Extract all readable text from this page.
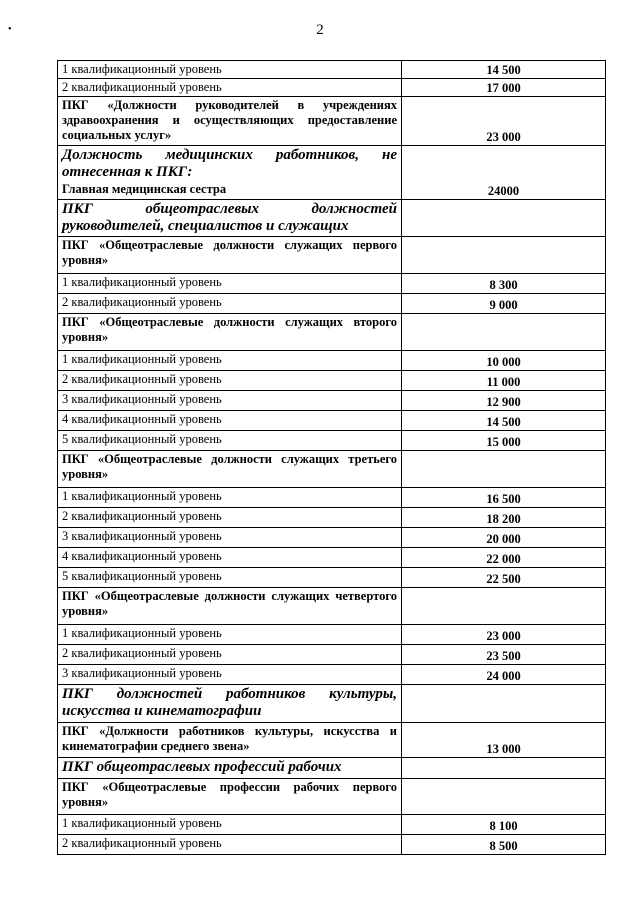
•	2
1 квалификационный уровень	14 500
2 квалификационный уровень	17 000
ПКГ «Должности руководителей в учреждениях здравоохранения и осуществляющих предоставление социальных услуг»	23 000
Должность медицинских работников, не отнесенная к ПКГ:
Главная медицинская сестра	24000
ПКГ общеотраслевых должностей руководителей, специалистов и служащих	
ПКГ «Общеотраслевые должности служащих первого уровня»	
1 квалификационный уровень	8 300
2 квалификационный уровень	9 000
ПКГ «Общеотраслевые должности служащих второго уровня»	
1 квалификационный уровень	10 000
2 квалификационный уровень	11 000
3 квалификационный уровень	12 900
4 квалификационный уровень	14 500
5 квалификационный уровень	15 000
ПКГ «Общеотраслевые должности служащих третьего уровня»	
1 квалификационный уровень	16 500
2 квалификационный уровень	18 200
3 квалификационный уровень	20 000
4 квалификационный уровень	22 000
5 квалификационный уровень	22 500
ПКГ «Общеотраслевые должности служащих четвертого уровня»	
1 квалификационный уровень	23 000
2 квалификационный уровень	23 500
3 квалификационный уровень	24 000
ПКГ должностей работников культуры, искусства и кинематографии	
ПКГ «Должности работников культуры, искусства и кинематографии среднего звена»	13 000
ПКГ общеотраслевых профессий рабочих	
ПКГ «Общеотраслевые профессии рабочих первого уровня»	
1 квалификационный уровень	8 100
2 квалификационный уровень	8 500
